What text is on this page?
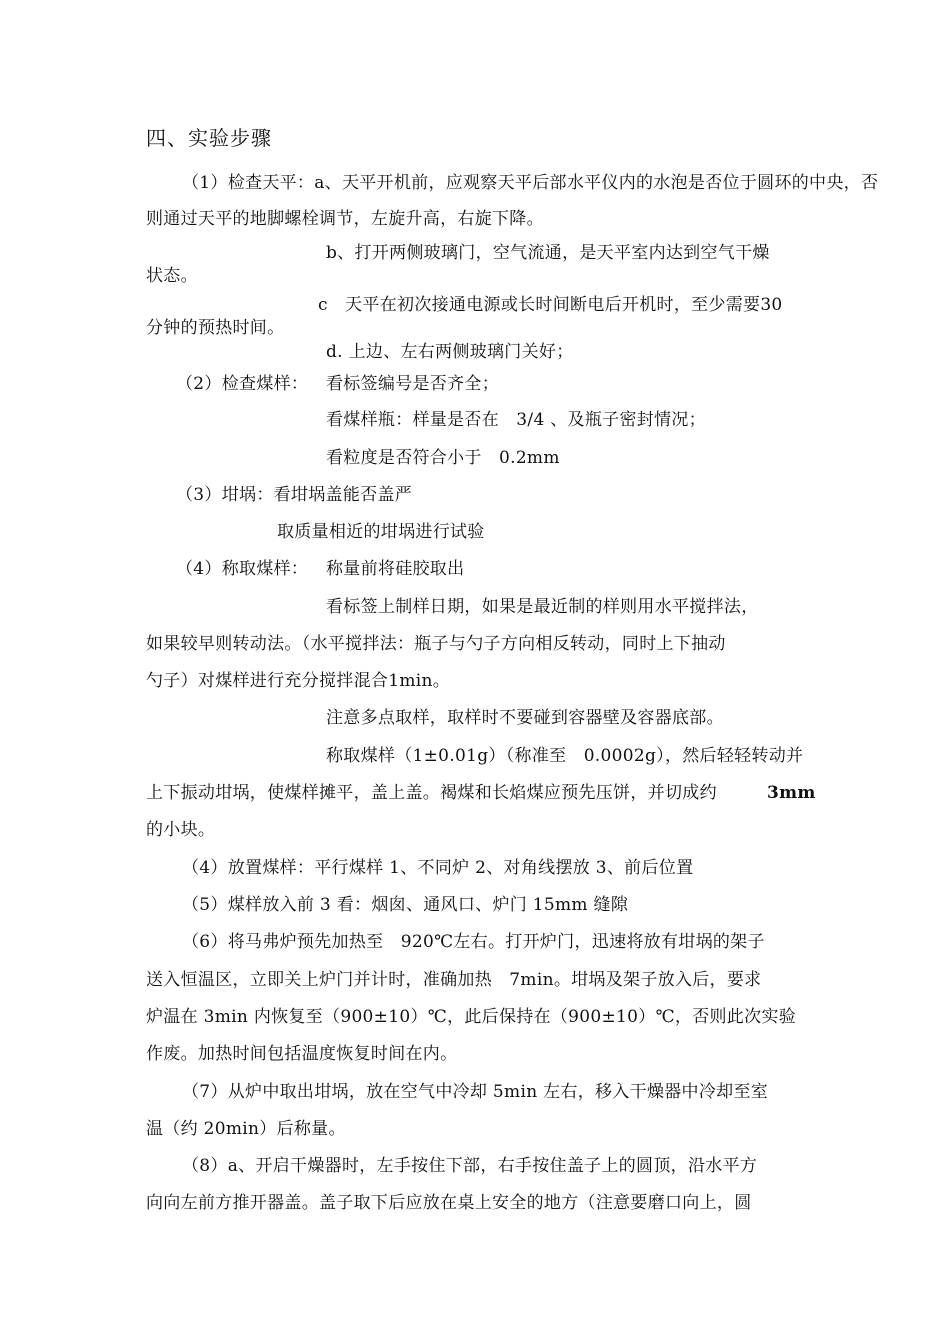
四、实验步骤
（1）检查天平：a、天平开机前，应观察天平后部水平仪内的水泡是否位于圆环的中央，否
则通过天平的地脚螺栓调节，左旋升高，右旋下降。
b、打开两侧玻璃门，空气流通，是天平室内达到空气干燥
状态。
c　天平在初次接通电源或长时间断电后开机时，至少需要30
分钟的预热时间。
d. 上边、左右两侧玻璃门关好；
（2）检查煤样： 看标签编号是否齐全；
看煤样瓶：样量是否在　3/4 、及瓶子密封情况；
看粒度是否符合小于　0.2mm
（3）坩埚：看坩埚盖能否盖严
取质量相近的坩埚进行试验
（4）称取煤样： 称量前将硅胶取出
看标签上制样日期，如果是最近制的样则用水平搅拌法，
如果较早则转动法。（水平搅拌法：瓶子与勺子方向相反转动，同时上下抽动
勺子）对煤样进行充分搅拌混合1min。
注意多点取样，取样时不要碰到容器壁及容器底部。
称取煤样（1±0.01g）（称准至　0.0002g），然后轻轻转动并
上下振动坩埚，使煤样摊平，盖上盖。褐煤和长焰煤应预先压饼，并切成约	3mm
的小块。
（4）放置煤样：平行煤样 1、不同炉 2、对角线摆放 3、前后位置
（5）煤样放入前 3 看：烟囱、通风口、炉门 15mm 缝隙
（6）将马弗炉预先加热至　920℃左右。打开炉门，迅速将放有坩埚的架子
送入恒温区，立即关上炉门并计时，准确加热　7min。坩埚及架子放入后，要求
炉温在 3min 内恢复至（900±10）℃，此后保持在（900±10）℃，否则此次实验
作废。加热时间包括温度恢复时间在内。
（7）从炉中取出坩埚，放在空气中冷却 5min 左右，移入干燥器中冷却至室
温（约 20min）后称量。
（8）a、开启干燥器时，左手按住下部，右手按住盖子上的圆顶，沿水平方
向向左前方推开器盖。盖子取下后应放在桌上安全的地方（注意要磨口向上，圆
